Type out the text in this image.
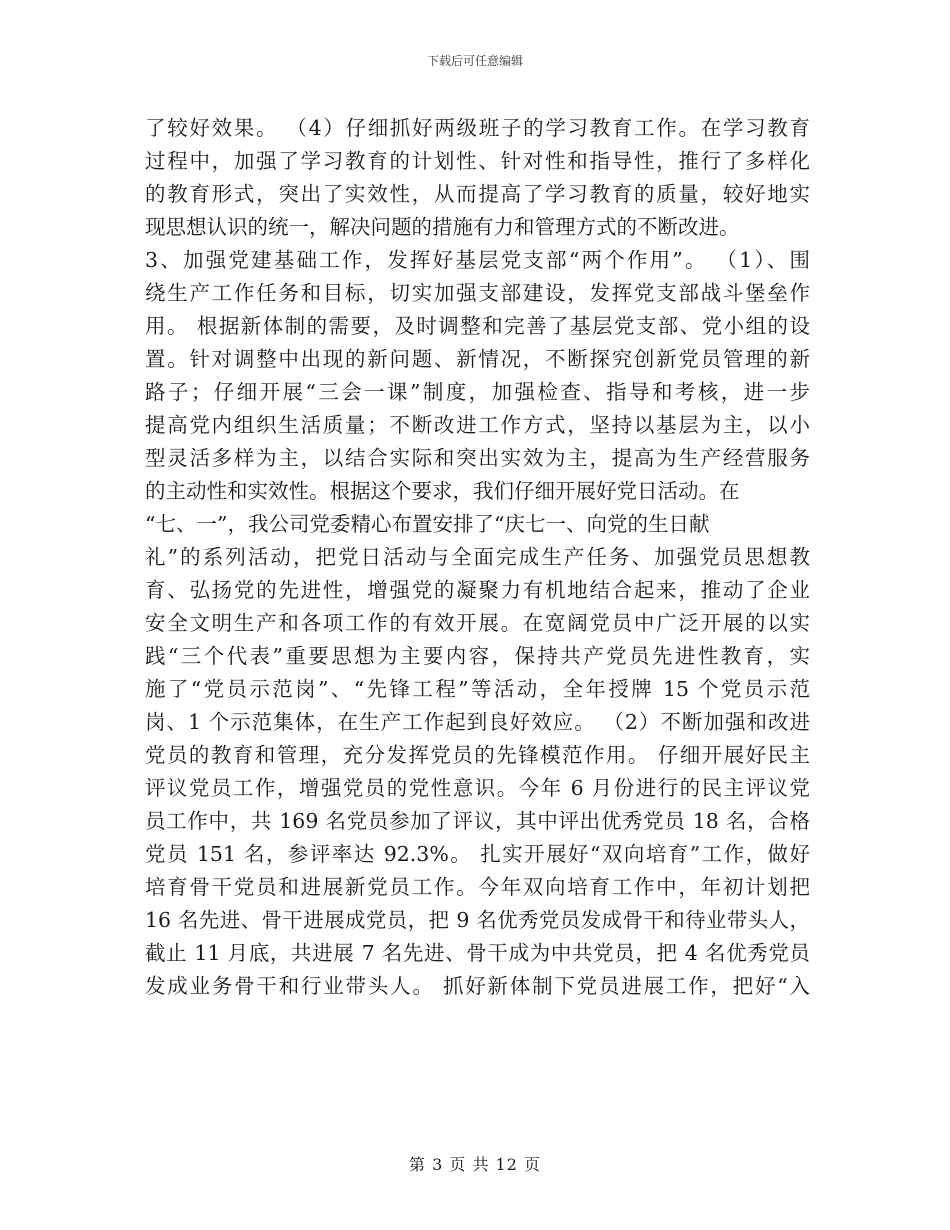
下载后可任意编辑
了较好效果。 （4）仔细抓好两级班子的学习教育工作。在学习教育
过程中，加强了学习教育的计划性、针对性和指导性，推行了多样化
的教育形式，突出了实效性，从而提高了学习教育的质量，较好地实
现思想认识的统一，解决问题的措施有力和管理方式的不断改进。
3、加强党建基础工作，发挥好基层党支部“两个作用”。 （1）、围
绕生产工作任务和目标，切实加强支部建设，发挥党支部战斗堡垒作
用。 根据新体制的需要，及时调整和完善了基层党支部、党小组的设
置。针对调整中出现的新问题、新情况，不断探究创新党员管理的新
路子；仔细开展“三会一课”制度，加强检查、指导和考核，进一步
提高党内组织生活质量；不断改进工作方式，坚持以基层为主，以小
型灵活多样为主，以结合实际和突出实效为主，提高为生产经营服务
的主动性和实效性。根据这个要求，我们仔细开展好党日活动。在
“七、一”，我公司党委精心布置安排了“庆七一、向党的生日献
礼”的系列活动，把党日活动与全面完成生产任务、加强党员思想教
育、弘扬党的先进性，增强党的凝聚力有机地结合起来，推动了企业
安全文明生产和各项工作的有效开展。在宽阔党员中广泛开展的以实
践“三个代表”重要思想为主要内容，保持共产党员先进性教育，实
施了“党员示范岗”、“先锋工程”等活动，全年授牌 15 个党员示范
岗、1 个示范集体，在生产工作起到良好效应。 （2）不断加强和改进
党员的教育和管理，充分发挥党员的先锋模范作用。 仔细开展好民主
评议党员工作，增强党员的党性意识。今年 6 月份进行的民主评议党
员工作中，共 169 名党员参加了评议，其中评出优秀党员 18 名，合格
党员 151 名，参评率达 92.3%。 扎实开展好“双向培育”工作，做好
培育骨干党员和进展新党员工作。今年双向培育工作中，年初计划把
16 名先进、骨干进展成党员，把 9 名优秀党员发成骨干和待业带头人，
截止 11 月底，共进展 7 名先进、骨干成为中共党员，把 4 名优秀党员
发成业务骨干和行业带头人。 抓好新体制下党员进展工作，把好“入
第 3 页 共 12 页
